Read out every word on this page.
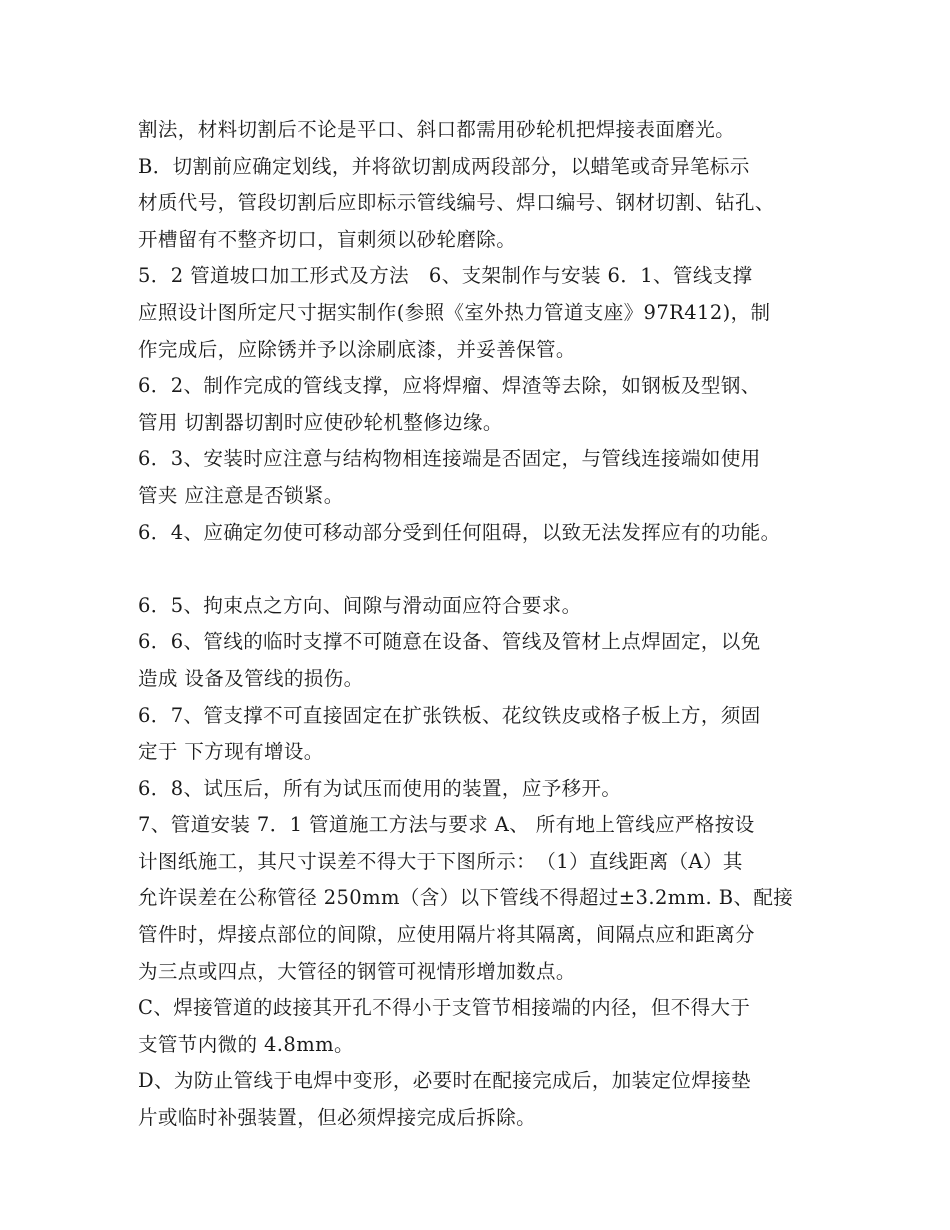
割法，材料切割后不论是平口、斜口都需用砂轮机把焊接表面磨光。
B．切割前应确定划线，并将欲切割成两段部分，以蜡笔或奇异笔标示
材质代号，管段切割后应即标示管线编号、焊口编号、钢材切割、钻孔、
开槽留有不整齐切口，盲刺须以砂轮磨除。
5．2 管道坡口加工形式及方法　6、支架制作与安装 6．1、管线支撑
应照设计图所定尺寸据实制作(参照《室外热力管道支座》97R412)，制
作完成后，应除锈并予以涂刷底漆，并妥善保管。
6．2、制作完成的管线支撑，应将焊瘤、焊渣等去除，如钢板及型钢、
管用 切割器切割时应使砂轮机整修边缘。
6．3、安装时应注意与结构物相连接端是否固定，与管线连接端如使用
管夹 应注意是否锁紧。
6．4、应确定勿使可移动部分受到任何阻碍，以致无法发挥应有的功能。
6．5、拘束点之方向、间隙与滑动面应符合要求。
6．6、管线的临时支撑不可随意在设备、管线及管材上点焊固定，以免
造成 设备及管线的损伤。
6．7、管支撑不可直接固定在扩张铁板、花纹铁皮或格子板上方，须固
定于 下方现有增设。
6．8、试压后，所有为试压而使用的装置，应予移开。
7、管道安装 7．1 管道施工方法与要求 A、 所有地上管线应严格按设
计图纸施工，其尺寸误差不得大于下图所示：　（1）直线距离（A）其
允许误差在公称管径 250mm（含）以下管线不得超过±3.2mm. B、配接
管件时，焊接点部位的间隙，应使用隔片将其隔离，间隔点应和距离分
为三点或四点，大管径的钢管可视情形增加数点。
C、焊接管道的歧接其开孔不得小于支管节相接端的内径，但不得大于
支管节内微的 4.8mm。
D、为防止管线于电焊中变形，必要时在配接完成后，加装定位焊接垫
片或临时补强装置，但必须焊接完成后拆除。
